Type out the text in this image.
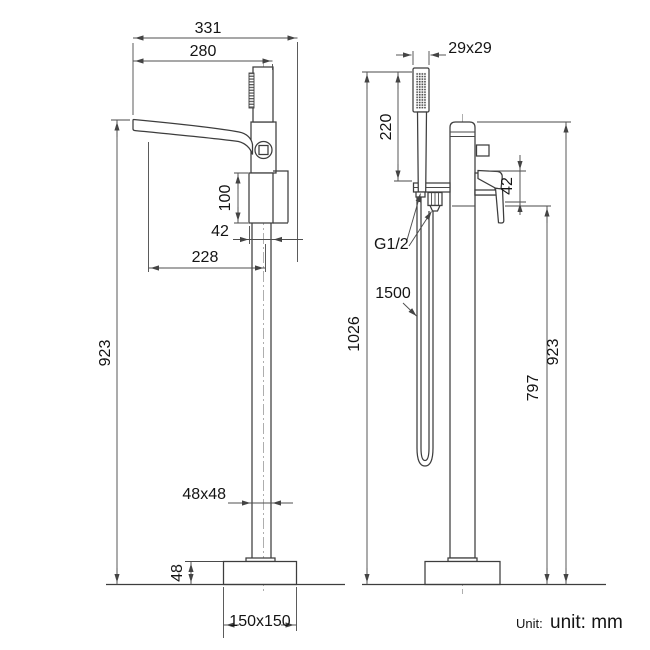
331
280
100
42
228
923
48x48
48
150x150
29x29
220
1026
42
G1/2
1500
797
923
Unit: unit: mm
